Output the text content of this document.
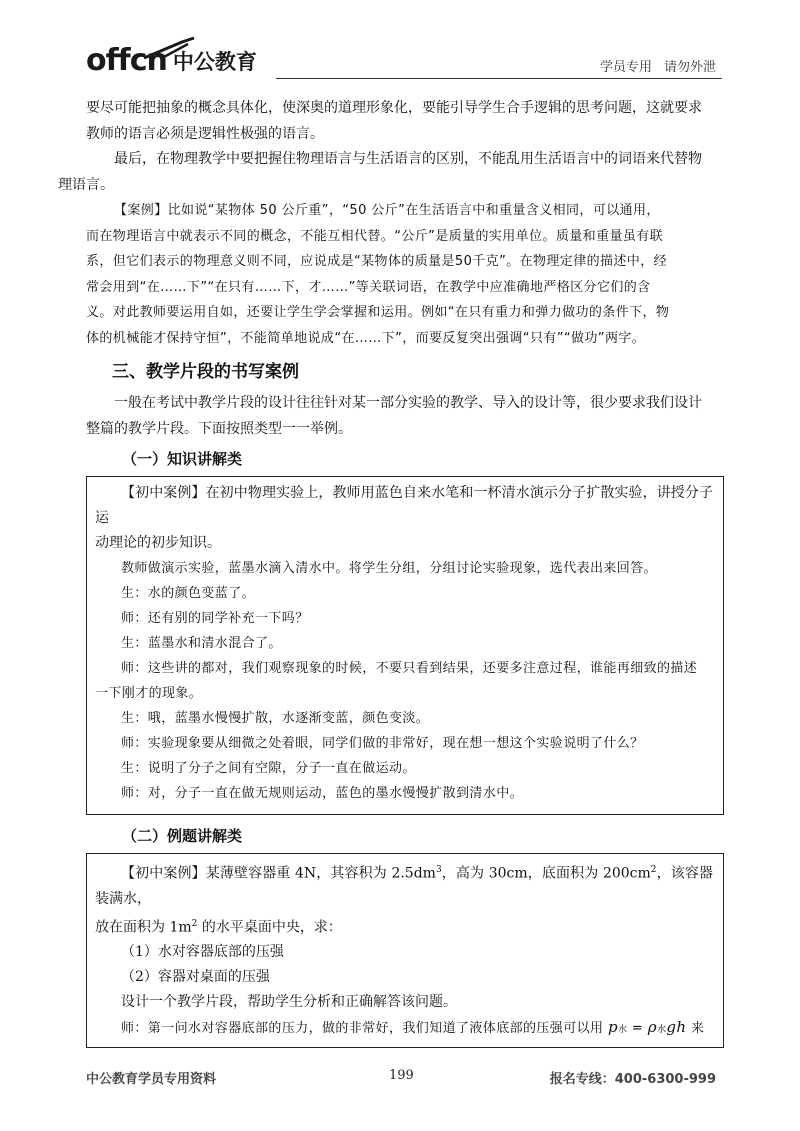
offcn 中公教育	学员专用 请勿外泄

要尽可能把抽象的概念具体化，使深奥的道理形象化，要能引导学生合手逻辑的思考问题，这就要求
教师的语言必须是逻辑性极强的语言。

最后，在物理教学中要把握住物理语言与生活语言的区别，不能乱用生活语言中的词语来代替物
理语言。

【案例】比如说“某物体 50 公斤重”，“50 公斤”在生活语言中和重量含义相同，可以通用，

而在物理语言中就表示不同的概念，不能互相代替。“公斤”是质量的实用单位。质量和重量虽有联

系，但它们表示的物理意义则不同，应说成是“某物体的质量是50千克”。在物理定律的描述中，经

常会用到“在……下”“在只有……下，才……”等关联词语，在教学中应准确地严格区分它们的含

义。对此教师要运用自如，还要让学生学会掌握和运用。例如“在只有重力和弹力做功的条件下，物

体的机械能才保持守恒”，不能简单地说成“在……下”，而要反复突出强调“只有”“做功”两字。

三、教学片段的书写案例

一般在考试中教学片段的设计往往针对某一部分实验的教学、导入的设计等，很少要求我们设计
整篇的教学片段。下面按照类型一一举例。

（一）知识讲解类

【初中案例】在初中物理实验上，教师用蓝色自来水笔和一杯清水演示分子扩散实验，讲授分子运

动理论的初步知识。

教师做演示实验，蓝墨水滴入清水中。将学生分组，分组讨论实验现象，选代表出来回答。

生：水的颜色变蓝了。

师：还有别的同学补充一下吗？

生：蓝墨水和清水混合了。

师：这些讲的都对，我们观察现象的时候，不要只看到结果，还要多注意过程，谁能再细致的描述

一下刚才的现象。

生：哦，蓝墨水慢慢扩散，水逐渐变蓝，颜色变淡。

师：实验现象要从细微之处着眼，同学们做的非常好，现在想一想这个实验说明了什么？

生：说明了分子之间有空隙，分子一直在做运动。

师：对，分子一直在做无规则运动，蓝色的墨水慢慢扩散到清水中。

（二）例题讲解类

【初中案例】某薄壁容器重 4N，其容积为 $2.5dm^3$，高为 30cm，底面积为 $200cm^2$，该容器装满水，

放在面积为 $1m^2$ 的水平桌面中央，求：

（1）水对容器底部的压强

（2）容器对桌面的压强

设计一个教学片段，帮助学生分析和正确解答该问题。

师：第一问水对容器底部的压力，做的非常好，我们知道了液体底部的压强可以用 p水 = ρ水gh 来

中公教育学员专用资料	199	报名专线：400-6300-999
